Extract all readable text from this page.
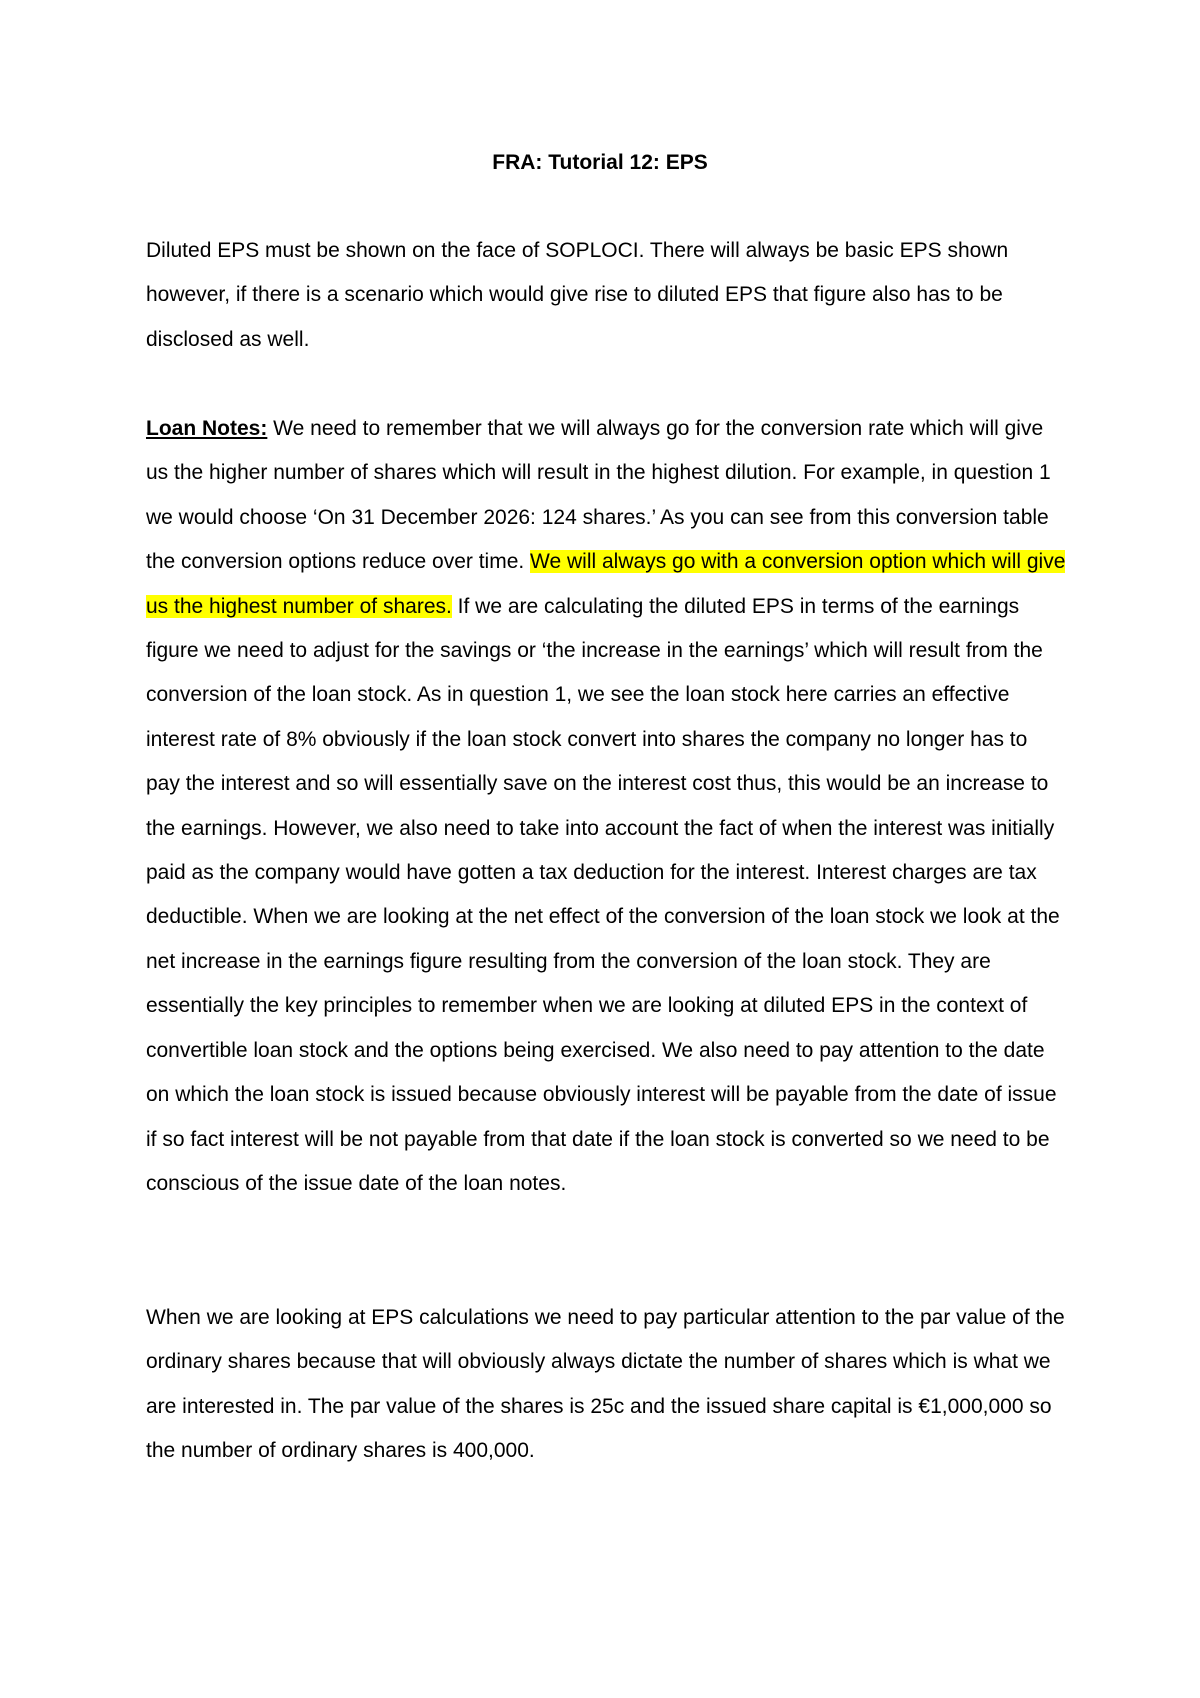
FRA: Tutorial 12: EPS

Diluted EPS must be shown on the face of SOPLOCI. There will always be basic EPS shown however, if there is a scenario which would give rise to diluted EPS that figure also has to be disclosed as well.

Loan Notes: We need to remember that we will always go for the conversion rate which will give us the higher number of shares which will result in the highest dilution. For example, in question 1 we would choose ‘On 31 December 2026: 124 shares.’ As you can see from this conversion table the conversion options reduce over time. We will always go with a conversion option which will give us the highest number of shares. If we are calculating the diluted EPS in terms of the earnings figure we need to adjust for the savings or ‘the increase in the earnings’ which will result from the conversion of the loan stock. As in question 1, we see the loan stock here carries an effective interest rate of 8% obviously if the loan stock convert into shares the company no longer has to pay the interest and so will essentially save on the interest cost thus, this would be an increase to the earnings. However, we also need to take into account the fact of when the interest was initially paid as the company would have gotten a tax deduction for the interest. Interest charges are tax deductible. When we are looking at the net effect of the conversion of the loan stock we look at the net increase in the earnings figure resulting from the conversion of the loan stock. They are essentially the key principles to remember when we are looking at diluted EPS in the context of convertible loan stock and the options being exercised. We also need to pay attention to the date on which the loan stock is issued because obviously interest will be payable from the date of issue if so fact interest will be not payable from that date if the loan stock is converted so we need to be conscious of the issue date of the loan notes.

When we are looking at EPS calculations we need to pay particular attention to the par value of the ordinary shares because that will obviously always dictate the number of shares which is what we are interested in. The par value of the shares is 25c and the issued share capital is €1,000,000 so the number of ordinary shares is 400,000.
